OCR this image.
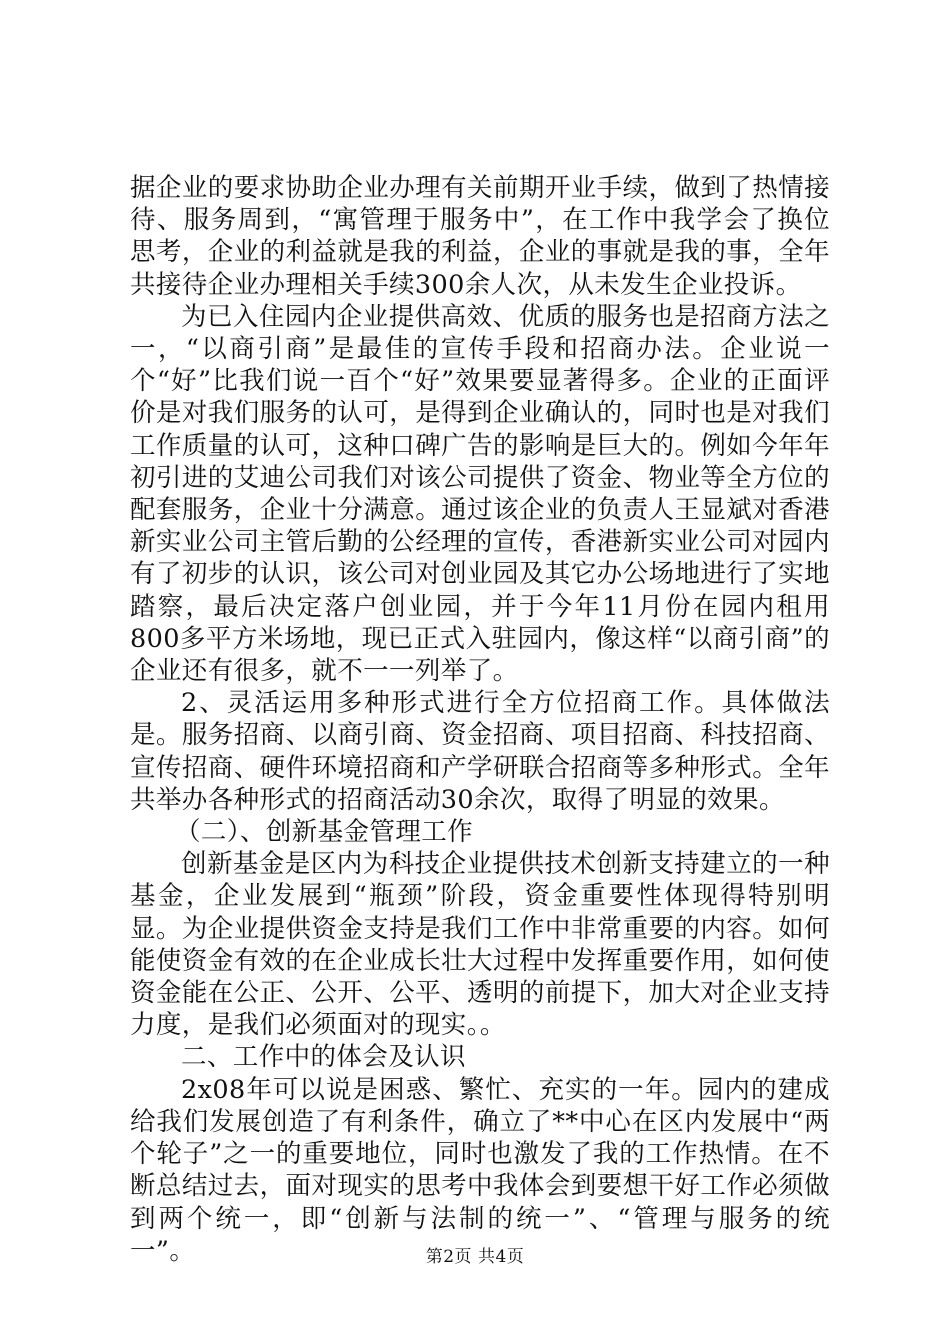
据企业的要求协助企业办理有关前期开业手续，做到了热情接待、服务周到，“寓管理于服务中”，在工作中我学会了换位思考，企业的利益就是我的利益，企业的事就是我的事，全年共接待企业办理相关手续300余人次，从未发生企业投诉。

为已入住园内企业提供高效、优质的服务也是招商方法之一，“以商引商”是最佳的宣传手段和招商办法。企业说一个“好”比我们说一百个“好”效果要显著得多。企业的正面评价是对我们服务的认可，是得到企业确认的，同时也是对我们工作质量的认可，这种口碑广告的影响是巨大的。例如今年年初引进的艾迪公司我们对该公司提供了资金、物业等全方位的配套服务，企业十分满意。通过该企业的负责人王显斌对香港新实业公司主管后勤的公经理的宣传，香港新实业公司对园内有了初步的认识，该公司对创业园及其它办公场地进行了实地踏察，最后决定落户创业园，并于今年11月份在园内租用800多平方米场地，现已正式入驻园内，像这样“以商引商”的企业还有很多，就不一一列举了。

2、灵活运用多种形式进行全方位招商工作。具体做法是。服务招商、以商引商、资金招商、项目招商、科技招商、宣传招商、硬件环境招商和产学研联合招商等多种形式。全年共举办各种形式的招商活动30余次，取得了明显的效果。

（二）、创新基金管理工作

创新基金是区内为科技企业提供技术创新支持建立的一种基金，企业发展到“瓶颈”阶段，资金重要性体现得特别明显。为企业提供资金支持是我们工作中非常重要的内容。如何能使资金有效的在企业成长壮大过程中发挥重要作用，如何使资金能在公正、公开、公平、透明的前提下，加大对企业支持力度，是我们必须面对的现实。。

二、工作中的体会及认识

2x08年可以说是困惑、繁忙、充实的一年。园内的建成给我们发展创造了有利条件，确立了**中心在区内发展中“两个轮子”之一的重要地位，同时也激发了我的工作热情。在不断总结过去，面对现实的思考中我体会到要想干好工作必须做到两个统一，即“创新与法制的统一”、“管理与服务的统一”。	第2页 共4页
